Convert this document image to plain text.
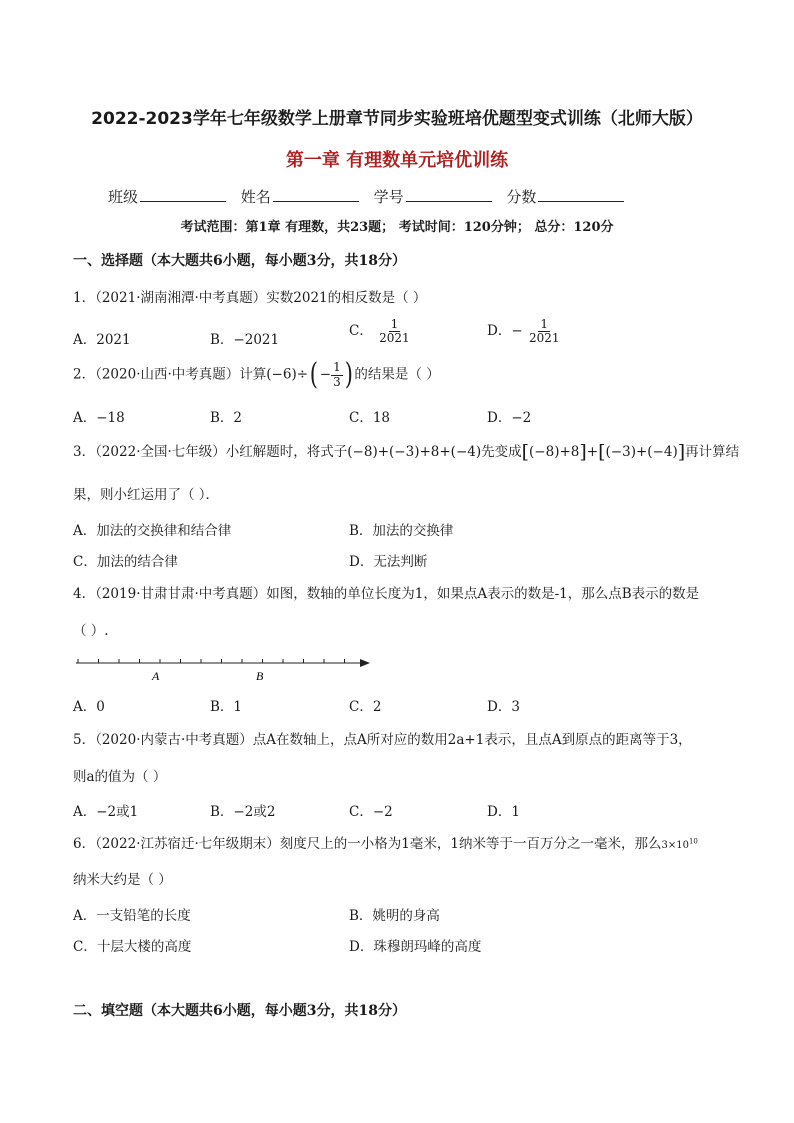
2022-2023学年七年级数学上册章节同步实验班培优题型变式训练（北师大版）
第一章 有理数单元培优训练
班级	姓名	学号	分数
考试范围：第1章 有理数，共23题； 考试时间：120分钟； 总分：120分
一、选择题（本大题共6小题，每小题3分，共18分）
1．（2021·湖南湘潭·中考真题）实数2021的相反数是（ ）
A．2021	B．−2021
C． $\frac{1}{2021}$	D．− $\frac{1}{2021}$
2．（2020·山西·中考真题）计算$(-6)\div( - \frac{1}{3}$ ) 的结果是（ ）
A．−18	B．2	C．18	D．−2
3．（2022·全国·七年级）小红解题时，将式子(−8)+(−3)+8+(−4)先变成[(−8)+8]+[(−3)+(−4)]再计算结
果，则小红运用了（ ）．
A．加法的交换律和结合律	B．加法的交换律
C．加法的结合律	D．无法判断
4．（2019·甘肃甘肃·中考真题）如图，数轴的单位长度为1，如果点A表示的数是-1，那么点B表示的数是
（ ）.
A	B
A．0	B．1	C．2	D．3
5．（2020·内蒙古·中考真题）点A在数轴上，点A所对应的数用2a+1表示，且点A到原点的距离等于3，
则a的值为（ ）
A．−2或1	B．−2或2	C．−2	D．1
6．（2022·江苏宿迁·七年级期末）刻度尺上的一小格为1毫米，1纳米等于一百万分之一毫米，那么$3\times 10^{10}$
纳米大约是（ ）
A．一支铅笔的长度	B．姚明的身高
C．十层大楼的高度	D．珠穆朗玛峰的高度
二、填空题（本大题共6小题，每小题3分，共18分）
